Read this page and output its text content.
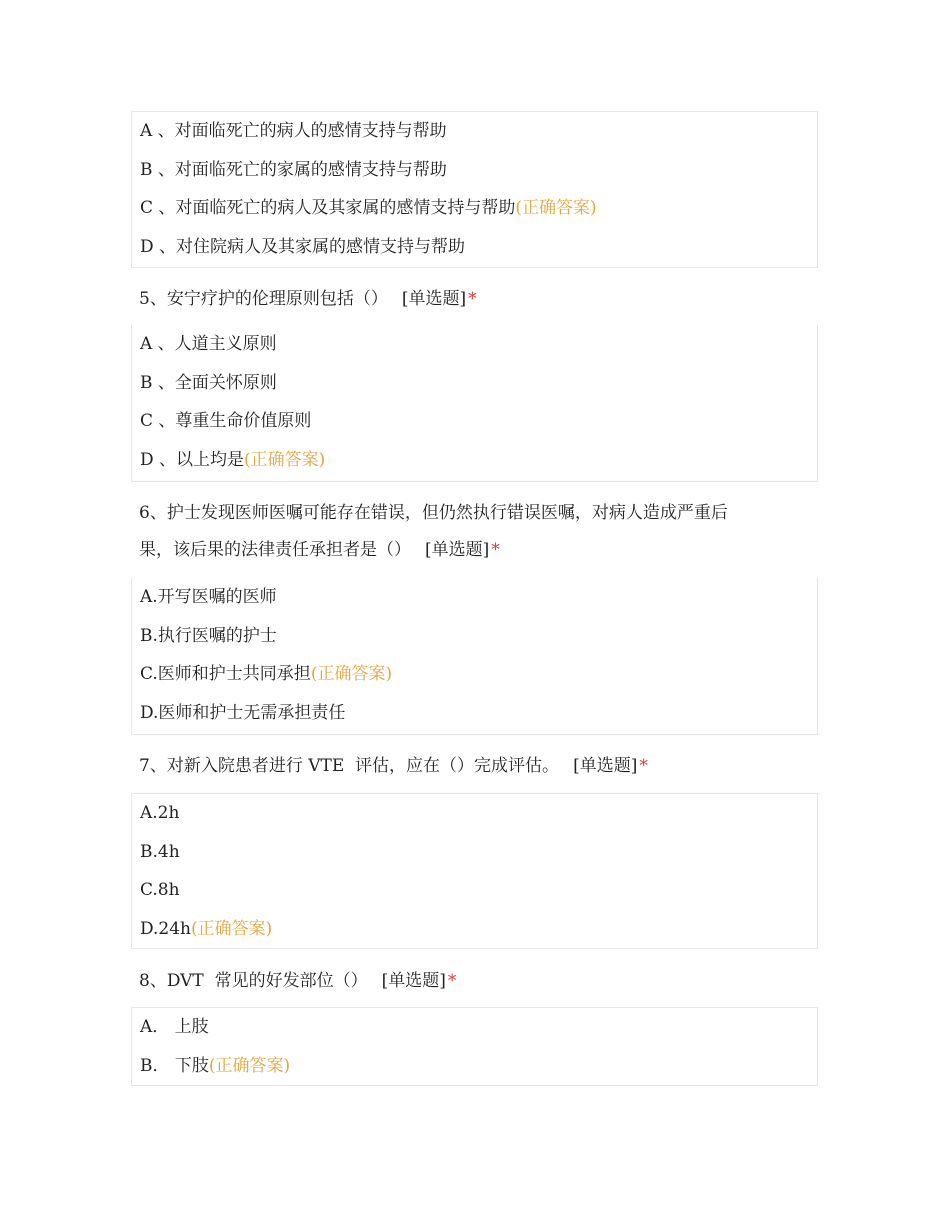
A 、对面临死亡的病人的感情支持与帮助
B 、对面临死亡的家属的感情支持与帮助
C 、对面临死亡的病人及其家属的感情支持与帮助(正确答案)
D 、对住院病人及其家属的感情支持与帮助
5、安宁疗护的伦理原则包括（） [单选题] *
A 、人道主义原则
B 、全面关怀原则
C 、尊重生命价值原则
D 、以上均是(正确答案)
6、护士发现医师医嘱可能存在错误，但仍然执行错误医嘱，对病人造成严重后
果，该后果的法律责任承担者是（） [单选题] *
A.开写医嘱的医师
B.执行医嘱的护士
C.医师和护士共同承担(正确答案)
D.医师和护士无需承担责任
7、对新入院患者进行 VTE  评估，应在（）完成评估。 [单选题] *
A.2h
B.4h
C.8h
D.24h(正确答案)
8、DVT  常见的好发部位（） [单选题] *
A． 上肢
B． 下肢(正确答案)
